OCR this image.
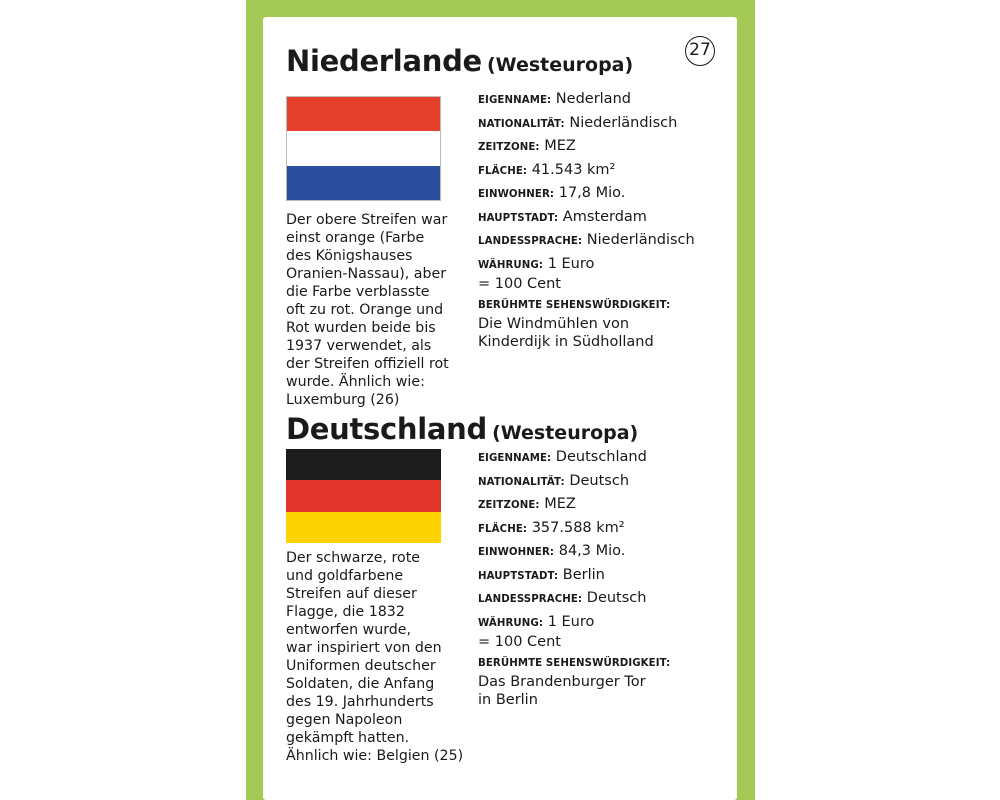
27
Niederlande (Westeuropa)
Der obere Streifen war
einst orange (Farbe
des Königshauses
Oranien-Nassau), aber
die Farbe verblasste
oft zu rot. Orange und
Rot wurden beide bis
1937 verwendet, als
der Streifen offiziell rot
wurde. Ähnlich wie:
Luxemburg (26)
EIGENNAME: Nederland
NATIONALITÄT: Niederländisch
ZEITZONE: MEZ
FLÄCHE: 41.543 km²
EINWOHNER: 17,8 Mio.
HAUPTSTADT: Amsterdam
LANDESSPRACHE: Niederländisch
WÄHRUNG: 1 Euro
= 100 Cent
BERÜHMTE SEHENSWÜRDIGKEIT:
Die Windmühlen von
Kinderdijk in Südholland
Deutschland (Westeuropa)
Der schwarze, rote
und goldfarbene
Streifen auf dieser
Flagge, die 1832
entworfen wurde,
war inspiriert von den
Uniformen deutscher
Soldaten, die Anfang
des 19. Jahrhunderts
gegen Napoleon
gekämpft hatten.
Ähnlich wie: Belgien (25)
EIGENNAME: Deutschland
NATIONALITÄT: Deutsch
ZEITZONE: MEZ
FLÄCHE: 357.588 km²
EINWOHNER: 84,3 Mio.
HAUPTSTADT: Berlin
LANDESSPRACHE: Deutsch
WÄHRUNG: 1 Euro
= 100 Cent
BERÜHMTE SEHENSWÜRDIGKEIT:
Das Brandenburger Tor
in Berlin
